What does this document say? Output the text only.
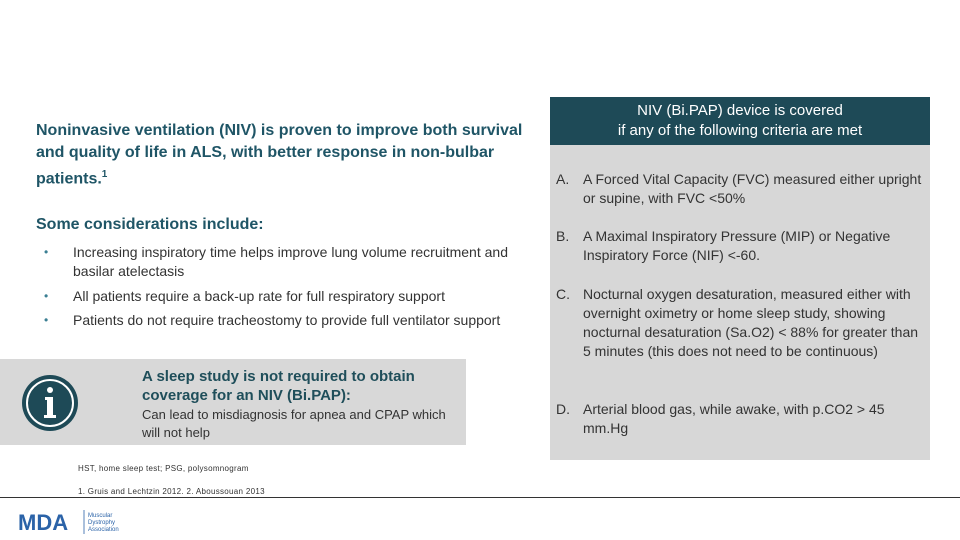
Noninvasive ventilation (NIV) is proven to improve both survival and quality of life in ALS, with better response in non-bulbar patients.$^1$
Some considerations include:
• Increasing inspiratory time helps improve lung volume recruitment and basilar atelectasis
• All patients require a back-up rate for full respiratory support
• Patients do not require tracheostomy to provide full ventilator support
A sleep study is not required to obtain coverage for an NIV (Bi.PAP):
Can lead to misdiagnosis for apnea and CPAP which will not help
HST, home sleep test; PSG, polysomnogram
1. Gruis and Lechtzin 2012. 2. Aboussouan 2013
MDA	Muscular
Dystrophy
Association
NIV (Bi.PAP) device is covered
if any of the following criteria are met
A. A Forced Vital Capacity (FVC) measured either upright or supine, with FVC <50%
B. A Maximal Inspiratory Pressure (MIP) or Negative Inspiratory Force (NIF) <-60.
C. Nocturnal oxygen desaturation, measured either with overnight oximetry or home sleep study, showing nocturnal desaturation (Sa.O2) < 88% for greater than 5 minutes (this does not need to be continuous)
D. Arterial blood gas, while awake, with p.CO2 > 45 mm.Hg
